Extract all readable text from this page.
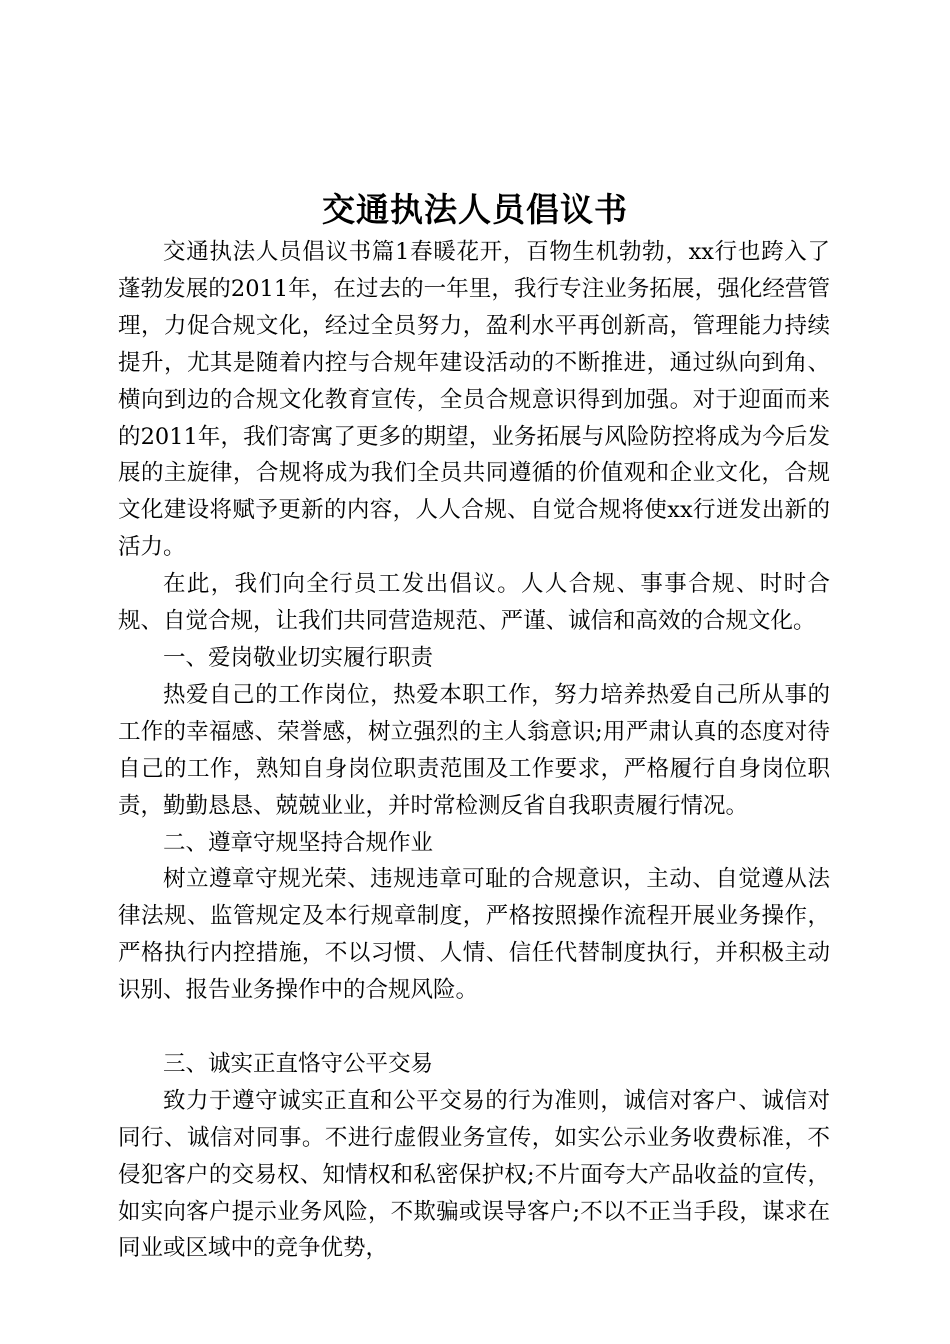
交通执法人员倡议书

交通执法人员倡议书篇1春暖花开，百物生机勃勃，xx行也跨入了蓬勃发展的2011年，在过去的一年里，我行专注业务拓展，强化经营管理，力促合规文化，经过全员努力，盈利水平再创新高，管理能力持续提升，尤其是随着内控与合规年建设活动的不断推进，通过纵向到角、横向到边的合规文化教育宣传，全员合规意识得到加强。对于迎面而来的2011年，我们寄寓了更多的期望，业务拓展与风险防控将成为今后发展的主旋律，合规将成为我们全员共同遵循的价值观和企业文化，合规文化建设将赋予更新的内容，人人合规、自觉合规将使xx行迸发出新的活力。

在此，我们向全行员工发出倡议。人人合规、事事合规、时时合规、自觉合规，让我们共同营造规范、严谨、诚信和高效的合规文化。

一、爱岗敬业切实履行职责

热爱自己的工作岗位，热爱本职工作，努力培养热爱自己所从事的工作的幸福感、荣誉感，树立强烈的主人翁意识;用严肃认真的态度对待自己的工作，熟知自身岗位职责范围及工作要求，严格履行自身岗位职责，勤勤恳恳、兢兢业业，并时常检测反省自我职责履行情况。

二、遵章守规坚持合规作业

树立遵章守规光荣、违规违章可耻的合规意识，主动、自觉遵从法律法规、监管规定及本行规章制度，严格按照操作流程开展业务操作，严格执行内控措施，不以习惯、人情、信任代替制度执行，并积极主动识别、报告业务操作中的合规风险。

三、诚实正直恪守公平交易

致力于遵守诚实正直和公平交易的行为准则，诚信对客户、诚信对同行、诚信对同事。不进行虚假业务宣传，如实公示业务收费标准，不侵犯客户的交易权、知情权和私密保护权;不片面夸大产品收益的宣传，如实向客户提示业务风险，不欺骗或误导客户;不以不正当手段，谋求在同业或区域中的竞争优势，
